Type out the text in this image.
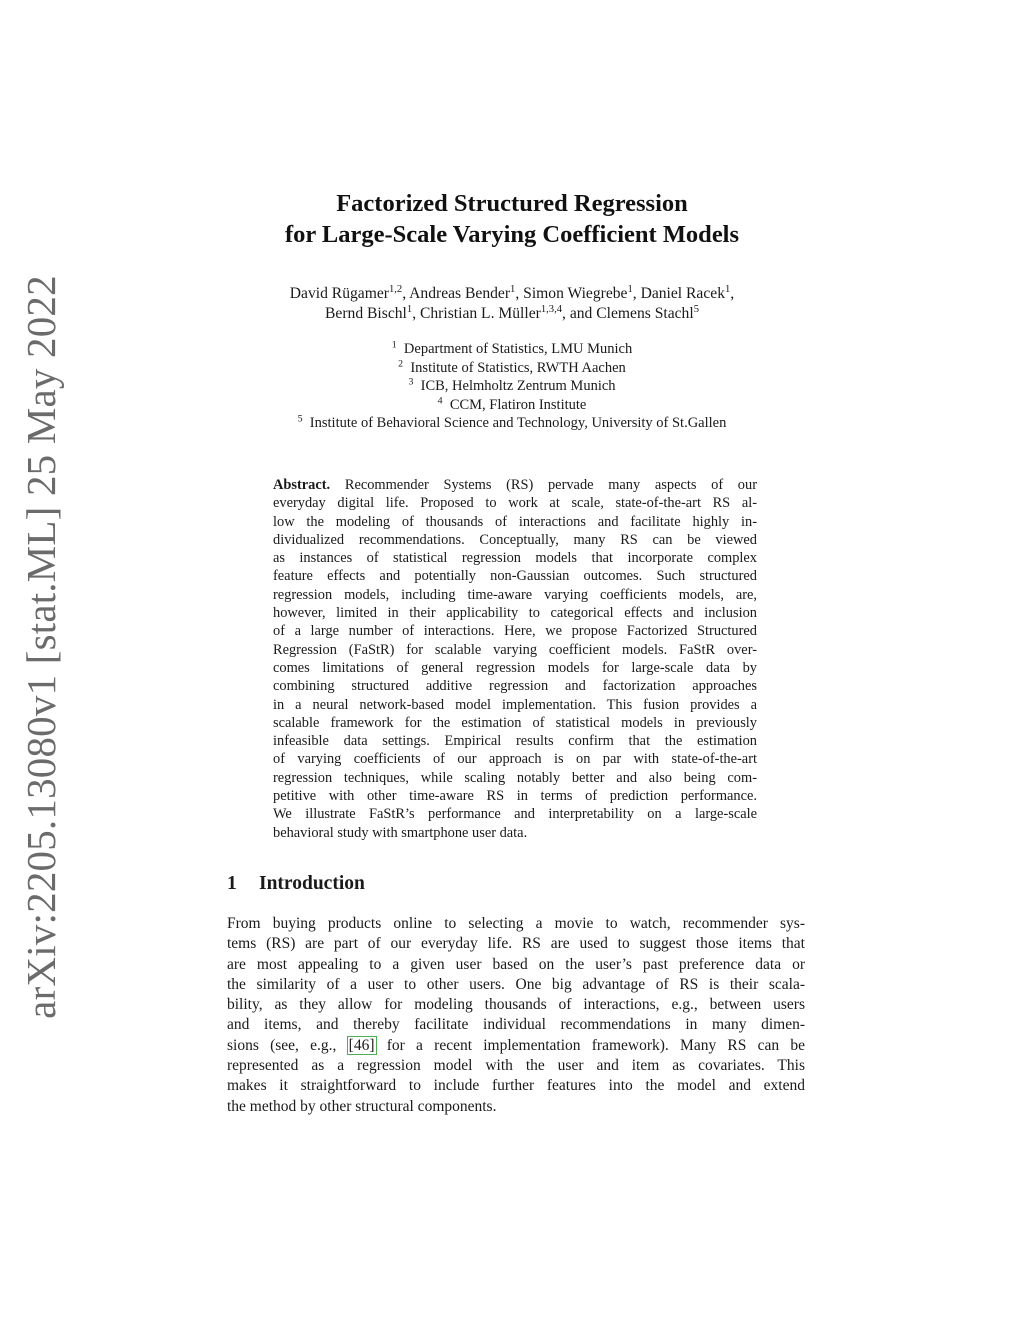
arXiv:2205.13080v1 [stat.ML] 25 May 2022
Factorized Structured Regression
for Large-Scale Varying Coefficient Models
David Rügamer$^{1,2}$, Andreas Bender$^1$, Simon Wiegrebe$^1$, Daniel Racek$^1$,
Bernd Bischl$^1$, Christian L. Müller$^{1,3,4}$, and Clemens Stachl$^5$
$^1$ Department of Statistics, LMU Munich
$^2$ Institute of Statistics, RWTH Aachen
$^3$ ICB, Helmholtz Zentrum Munich
$^4$ CCM, Flatiron Institute
$^5$ Institute of Behavioral Science and Technology, University of St.Gallen
Abstract. Recommender Systems (RS) pervade many aspects of our
everyday digital life. Proposed to work at scale, state-of-the-art RS al-
low the modeling of thousands of interactions and facilitate highly in-
dividualized recommendations. Conceptually, many RS can be viewed
as instances of statistical regression models that incorporate complex
feature effects and potentially non-Gaussian outcomes. Such structured
regression models, including time-aware varying coefficients models, are,
however, limited in their applicability to categorical effects and inclusion
of a large number of interactions. Here, we propose Factorized Structured
Regression (FaStR) for scalable varying coefficient models. FaStR over-
comes limitations of general regression models for large-scale data by
combining structured additive regression and factorization approaches
in a neural network-based model implementation. This fusion provides a
scalable framework for the estimation of statistical models in previously
infeasible data settings. Empirical results confirm that the estimation
of varying coefficients of our approach is on par with state-of-the-art
regression techniques, while scaling notably better and also being com-
petitive with other time-aware RS in terms of prediction performance.
We illustrate FaStR’s performance and interpretability on a large-scale
behavioral study with smartphone user data.
1 Introduction
From buying products online to selecting a movie to watch, recommender sys-
tems (RS) are part of our everyday life. RS are used to suggest those items that
are most appealing to a given user based on the user’s past preference data or
the similarity of a user to other users. One big advantage of RS is their scala-
bility, as they allow for modeling thousands of interactions, e.g., between users
and items, and thereby facilitate individual recommendations in many dimen-
sions (see, e.g., [46] for a recent implementation framework). Many RS can be
represented as a regression model with the user and item as covariates. This
makes it straightforward to include further features into the model and extend
the method by other structural components.
